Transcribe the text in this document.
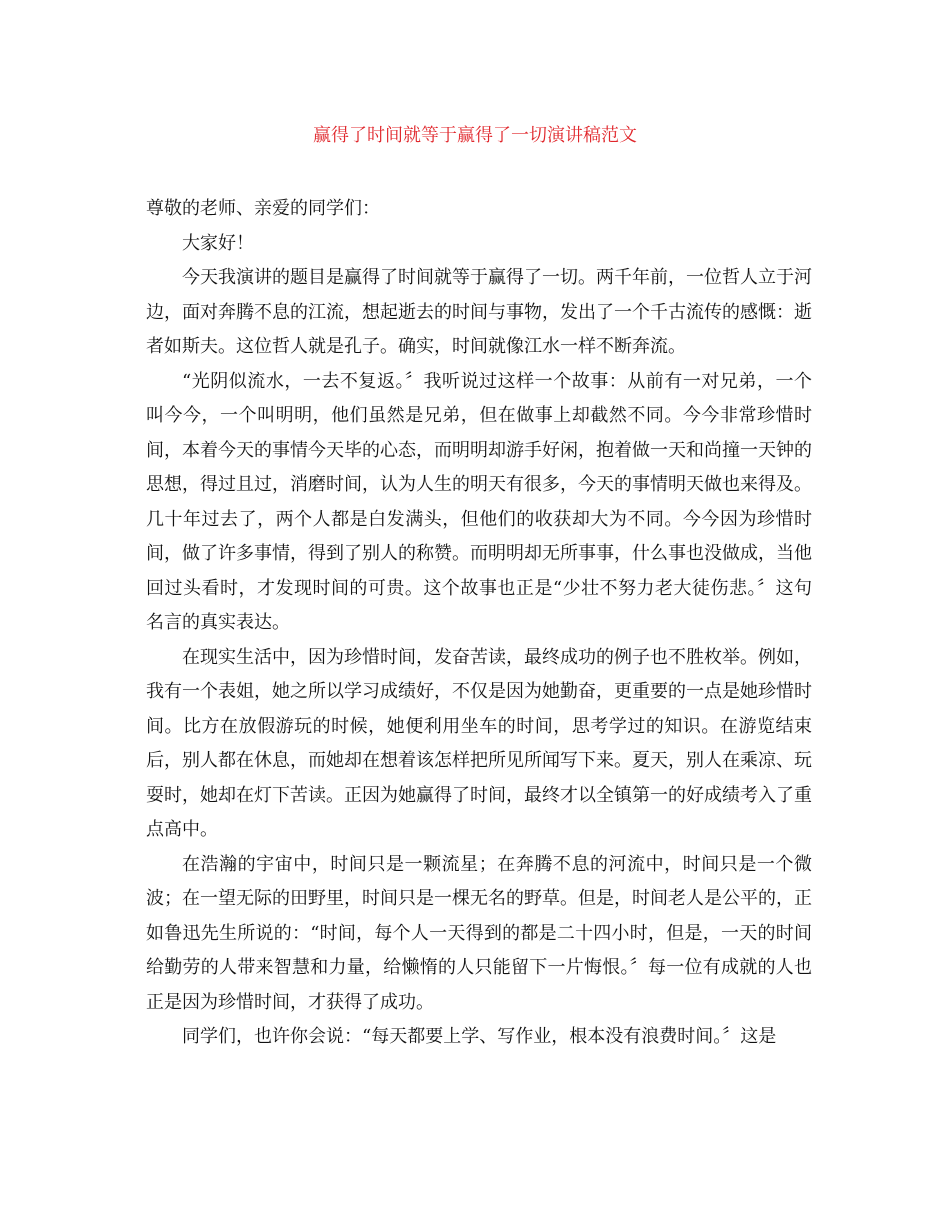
赢得了时间就等于赢得了一切演讲稿范文

尊敬的老师、亲爱的同学们：

大家好！

今天我演讲的题目是赢得了时间就等于赢得了一切。两千年前，一位哲人立于河边，面对奔腾不息的江流，想起逝去的时间与事物，发出了一个千古流传的感慨：逝者如斯夫。这位哲人就是孔子。确实，时间就像江水一样不断奔流。

“光阴似流水，一去不复返。〞我听说过这样一个故事：从前有一对兄弟，一个叫今今，一个叫明明，他们虽然是兄弟，但在做事上却截然不同。今今非常珍惜时间，本着今天的事情今天毕的心态，而明明却游手好闲，抱着做一天和尚撞一天钟的思想，得过且过，消磨时间，认为人生的明天有很多，今天的事情明天做也来得及。几十年过去了，两个人都是白发满头，但他们的收获却大为不同。今今因为珍惜时间，做了许多事情，得到了别人的称赞。而明明却无所事事，什么事也没做成，当他回过头看时，才发现时间的可贵。这个故事也正是“少壮不努力老大徒伤悲。〞这句名言的真实表达。

在现实生活中，因为珍惜时间，发奋苦读，最终成功的例子也不胜枚举。例如，我有一个表姐，她之所以学习成绩好，不仅是因为她勤奋，更重要的一点是她珍惜时间。比方在放假游玩的时候，她便利用坐车的时间，思考学过的知识。在游览结束后，别人都在休息，而她却在想着该怎样把所见所闻写下来。夏天，别人在乘凉、玩耍时，她却在灯下苦读。正因为她赢得了时间，最终才以全镇第一的好成绩考入了重点高中。

在浩瀚的宇宙中，时间只是一颗流星；在奔腾不息的河流中，时间只是一个微波；在一望无际的田野里，时间只是一棵无名的野草。但是，时间老人是公平的，正如鲁迅先生所说的：“时间，每个人一天得到的都是二十四小时，但是，一天的时间给勤劳的人带来智慧和力量，给懒惰的人只能留下一片悔恨。〞每一位有成就的人也正是因为珍惜时间，才获得了成功。

同学们，也许你会说：“每天都要上学、写作业，根本没有浪费时间。〞这是
